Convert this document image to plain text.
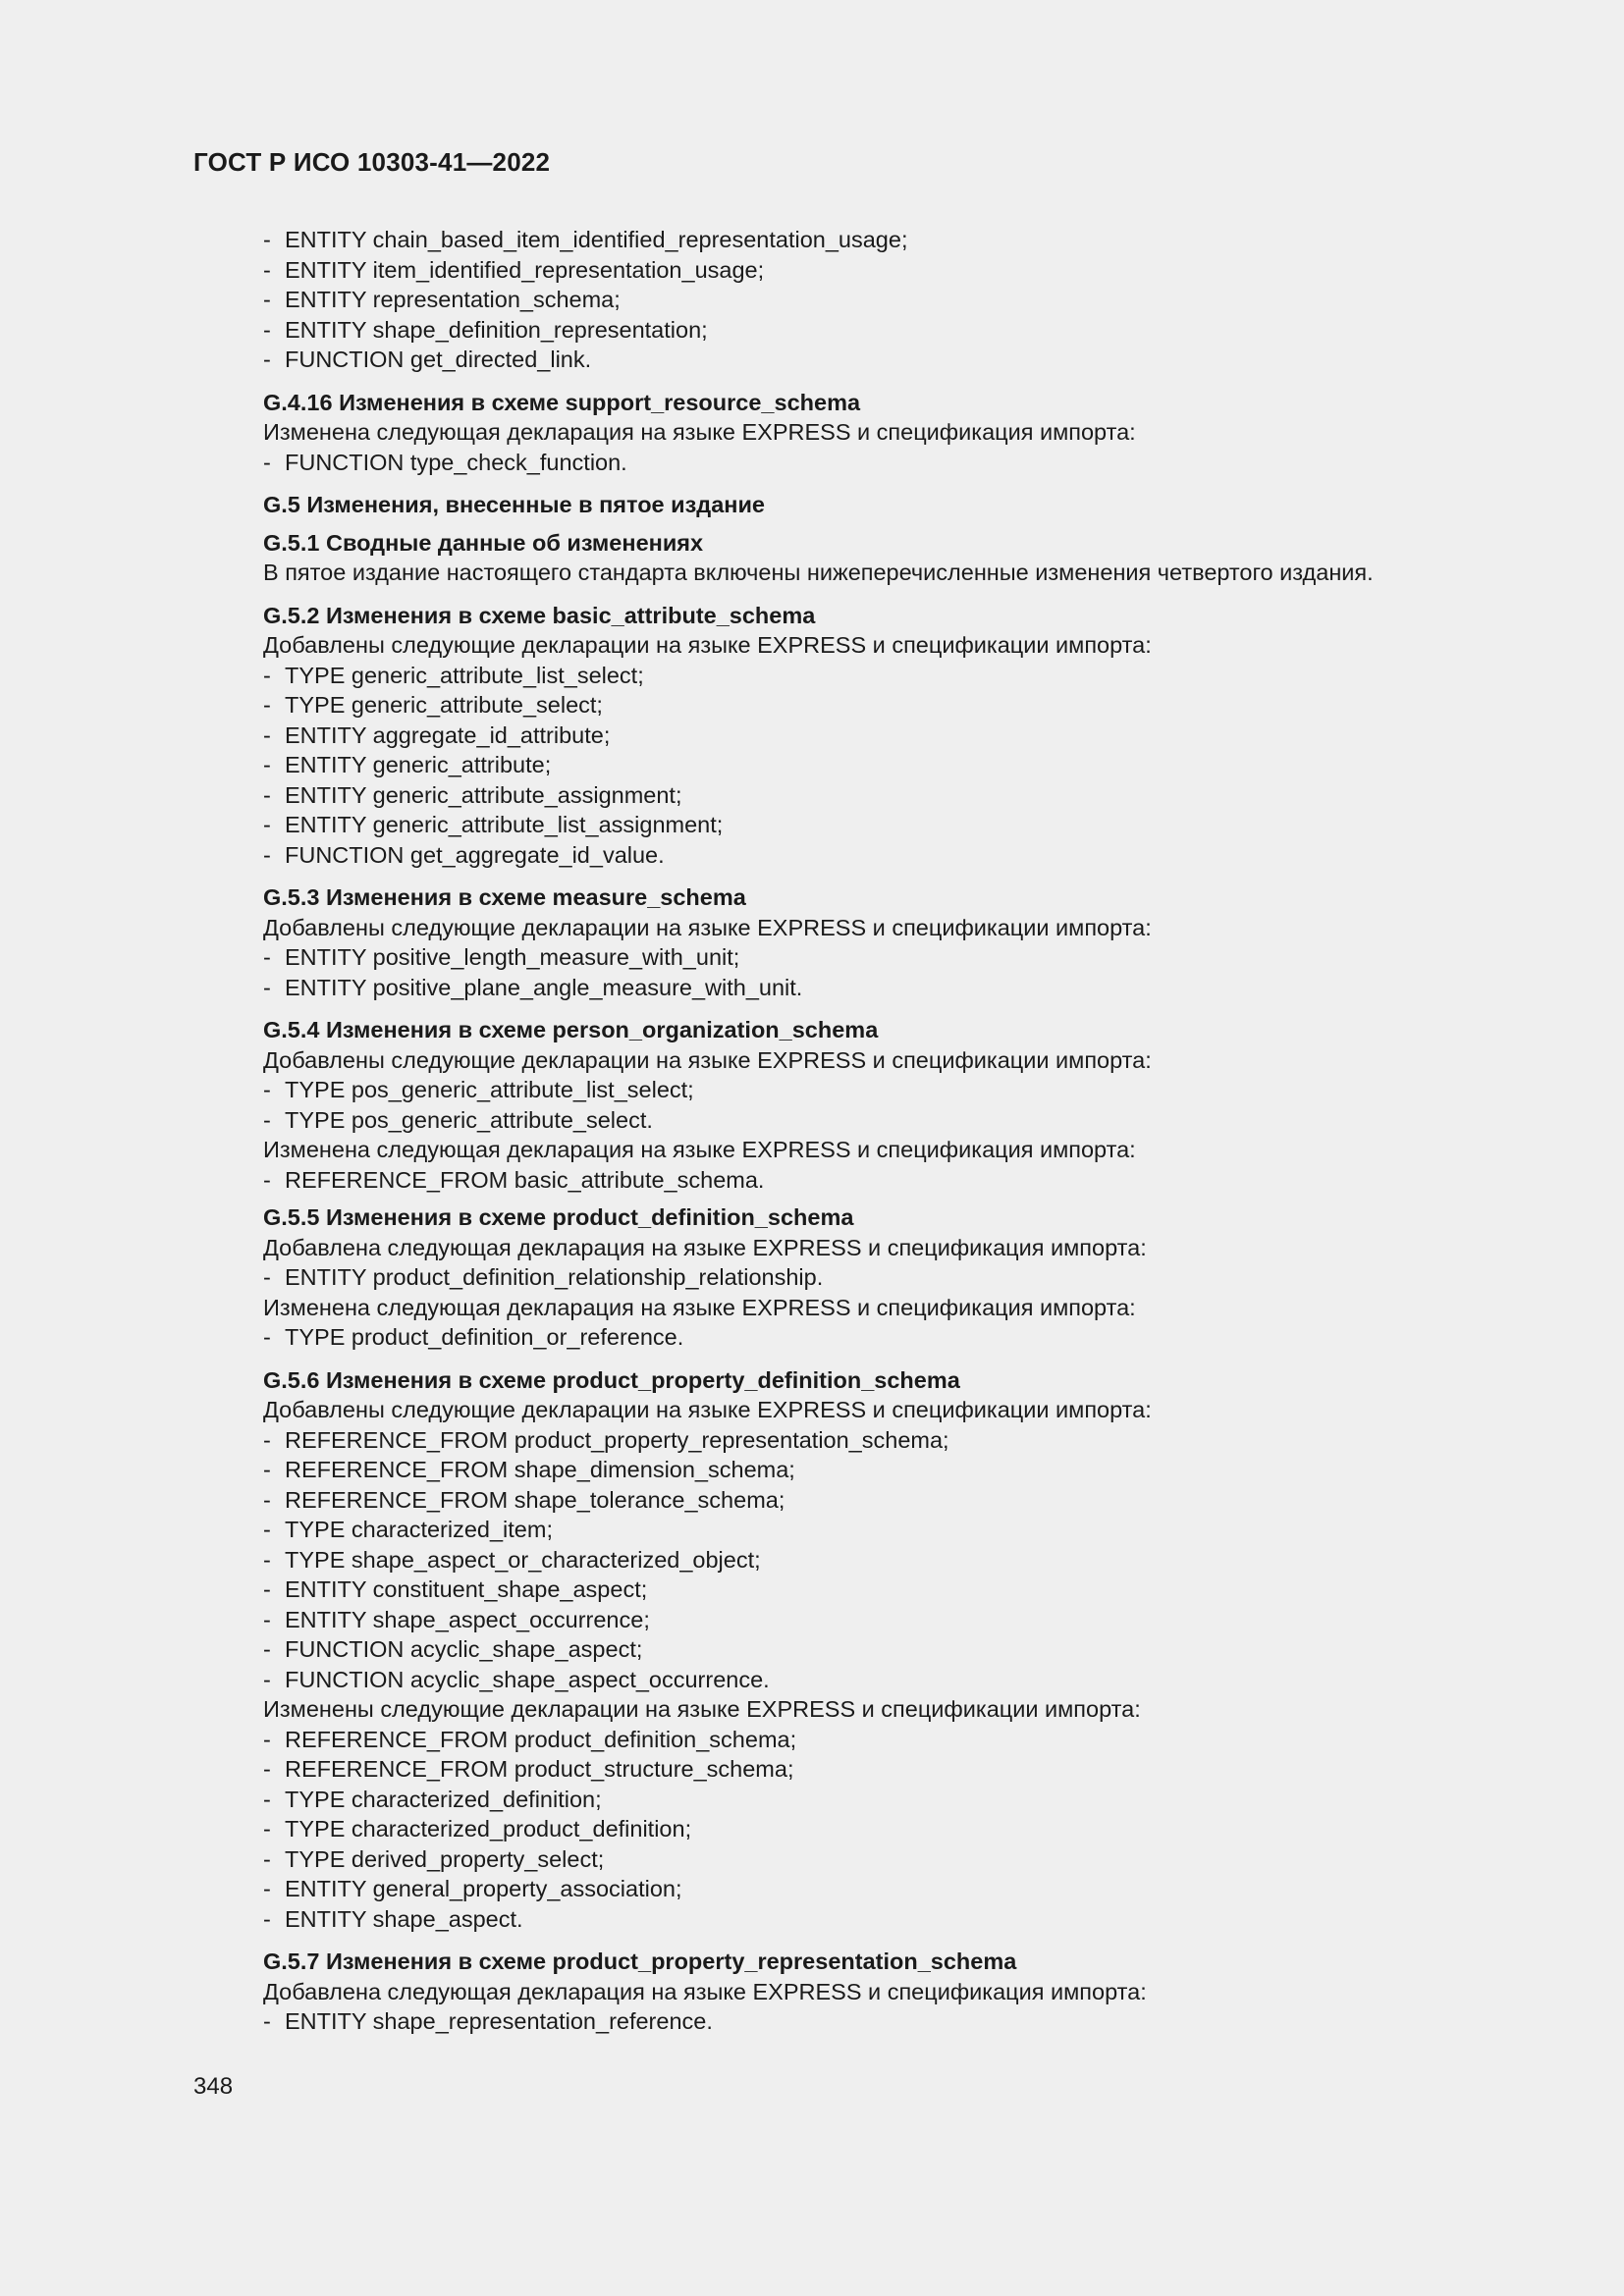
ГОСТ Р ИСО 10303-41—2022
- ENTITY chain_based_item_identified_representation_usage;
- ENTITY item_identified_representation_usage;
- ENTITY representation_schema;
- ENTITY shape_definition_representation;
- FUNCTION get_directed_link.
G.4.16 Изменения в схеме support_resource_schema
Изменена следующая декларация на языке EXPRESS и спецификация импорта:
- FUNCTION type_check_function.
G.5 Изменения, внесенные в пятое издание
G.5.1 Сводные данные об изменениях
В пятое издание настоящего стандарта включены нижеперечисленные изменения четвертого издания.
G.5.2 Изменения в схеме basic_attribute_schema
Добавлены следующие декларации на языке EXPRESS и спецификации импорта:
- TYPE generic_attribute_list_select;
- TYPE generic_attribute_select;
- ENTITY aggregate_id_attribute;
- ENTITY generic_attribute;
- ENTITY generic_attribute_assignment;
- ENTITY generic_attribute_list_assignment;
- FUNCTION get_aggregate_id_value.
G.5.3 Изменения в схеме measure_schema
Добавлены следующие декларации на языке EXPRESS и спецификации импорта:
- ENTITY positive_length_measure_with_unit;
- ENTITY positive_plane_angle_measure_with_unit.
G.5.4 Изменения в схеме person_organization_schema
Добавлены следующие декларации на языке EXPRESS и спецификации импорта:
- TYPE pos_generic_attribute_list_select;
- TYPE pos_generic_attribute_select.
Изменена следующая декларация на языке EXPRESS и спецификация импорта:
- REFERENCE_FROM basic_attribute_schema.
G.5.5 Изменения в схеме product_definition_schema
Добавлена следующая декларация на языке EXPRESS и спецификация импорта:
- ENTITY product_definition_relationship_relationship.
Изменена следующая декларация на языке EXPRESS и спецификация импорта:
- TYPE product_definition_or_reference.
G.5.6 Изменения в схеме product_property_definition_schema
Добавлены следующие декларации на языке EXPRESS и спецификации импорта:
- REFERENCE_FROM product_property_representation_schema;
- REFERENCE_FROM shape_dimension_schema;
- REFERENCE_FROM shape_tolerance_schema;
- TYPE characterized_item;
- TYPE shape_aspect_or_characterized_object;
- ENTITY constituent_shape_aspect;
- ENTITY shape_aspect_occurrence;
- FUNCTION acyclic_shape_aspect;
- FUNCTION acyclic_shape_aspect_occurrence.
Изменены следующие декларации на языке EXPRESS и спецификации импорта:
- REFERENCE_FROM product_definition_schema;
- REFERENCE_FROM product_structure_schema;
- TYPE characterized_definition;
- TYPE characterized_product_definition;
- TYPE derived_property_select;
- ENTITY general_property_association;
- ENTITY shape_aspect.
G.5.7 Изменения в схеме product_property_representation_schema
Добавлена следующая декларация на языке EXPRESS и спецификация импорта:
- ENTITY shape_representation_reference.
348
